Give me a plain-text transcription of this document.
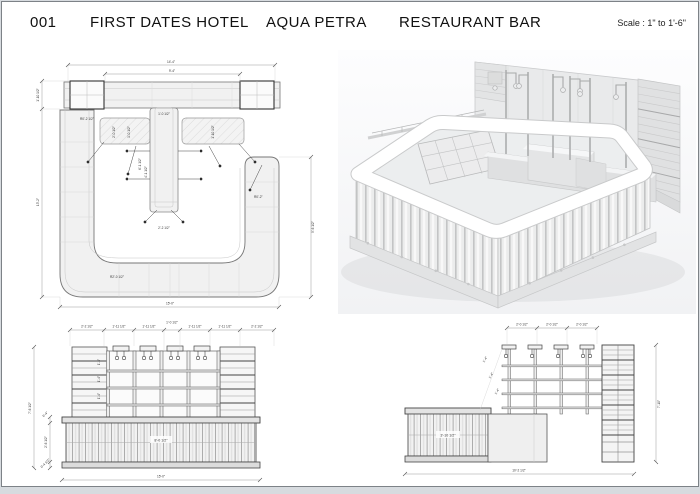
001 FIRST DATES HOTEL AQUA PETRA RESTAURANT BAR	Scale : 1" to 1'-6"
R0'-2 1/2"
1'-0 1/2"
6'-1 1/2"
4'-1 1/2"
2'-2 1/2"
2'-0 1/2"	1'-0 1/2"	1'-10 1/2"
R0'-2"
R2'-0 1/2"
14'-4"
9'-4"
1'-10 1/2"
13'-2"
9'-6 1/2"
15'-0"
1'-4"
1'-4"
1'-4"
8'-0 1/2"
2'-2 1/2"	1'-11 1/2"	1'-11 1/2"
1'-0 1/2"
1'-11 1/2"	1'-11 1/2"	2'-2 1/2"
7'-6 1/2"
0'-4"
2'-6 1/2"
0'-4 1/2"
15'-0"
3'-10 1/2"
2'-0 1/2"	2'-0 1/2"	2'-0 1/2"
7'-10"
1'-4"
1'-4"
1'-4"
10'-2 1/2"
